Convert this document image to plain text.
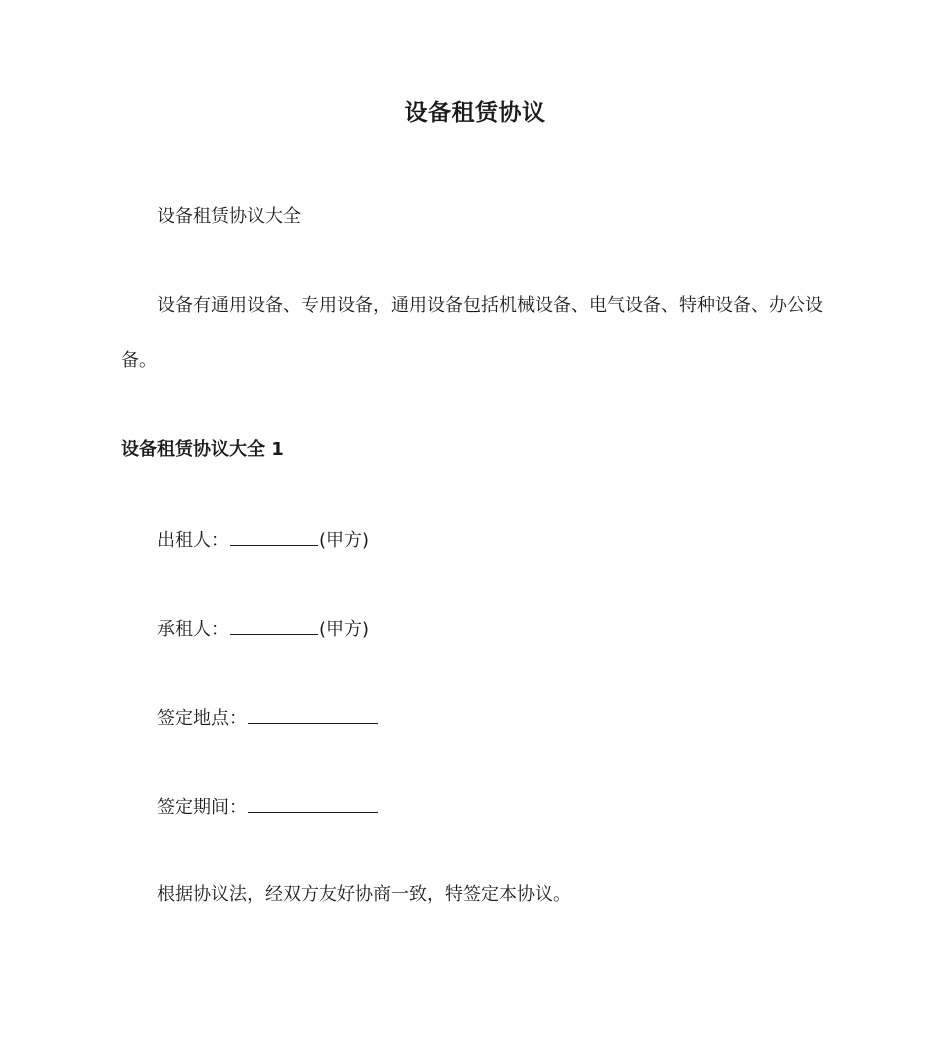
设备租赁协议
设备租赁协议大全
设备有通用设备、专用设备，通用设备包括机械设备、电气设备、特种设备、办公设
备。
设备租赁协议大全 1
出租人：	(甲方)
承租人：	(甲方)
签定地点：
签定期间：
根据协议法，经双方友好协商一致，特签定本协议。
